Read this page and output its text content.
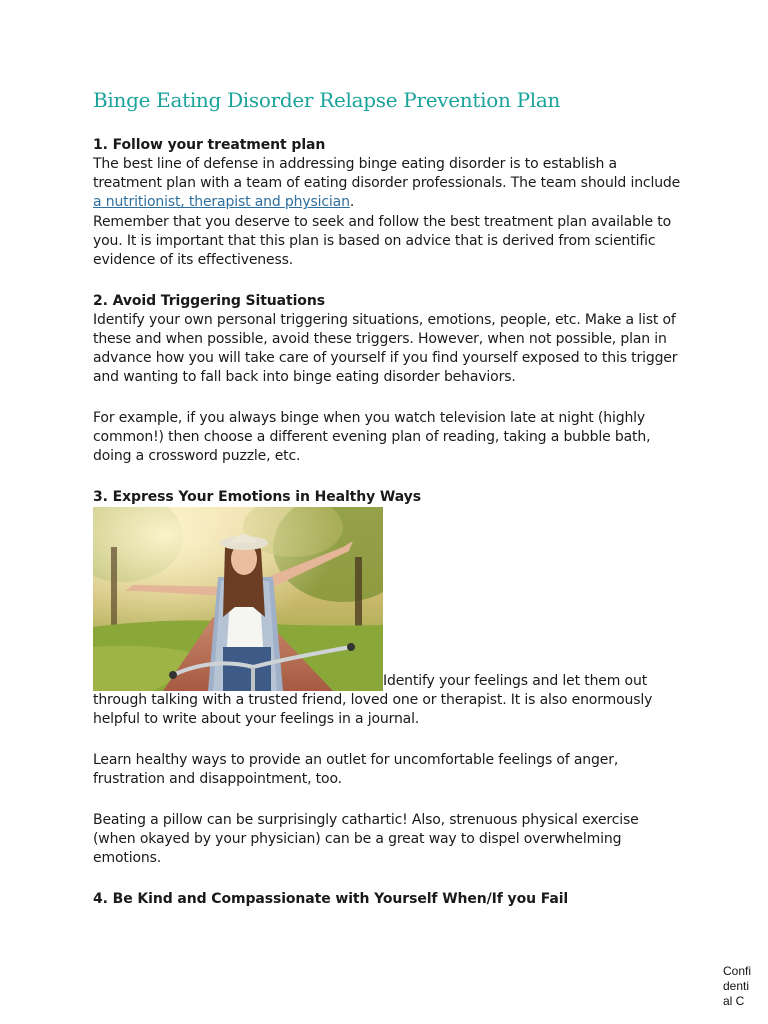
Binge Eating Disorder Relapse Prevention Plan

1. Follow your treatment plan

The best line of defense in addressing binge eating disorder is to establish a treatment plan with a team of eating disorder professionals. The team should include a nutritionist, therapist and physician.

Remember that you deserve to seek and follow the best treatment plan available to you. It is important that this plan is based on advice that is derived from scientific evidence of its effectiveness.

2. Avoid Triggering Situations

Identify your own personal triggering situations, emotions, people, etc. Make a list of these and when possible, avoid these triggers. However, when not possible, plan in advance how you will take care of yourself if you find yourself exposed to this trigger and wanting to fall back into binge eating disorder behaviors.

For example, if you always binge when you watch television late at night (highly common!) then choose a different evening plan of reading, taking a bubble bath, doing a crossword puzzle, etc.

3. Express Your Emotions in Healthy Ways

Identify your feelings and let them out through talking with a trusted friend, loved one or therapist. It is also enormously helpful to write about your feelings in a journal.

Learn healthy ways to provide an outlet for uncomfortable feelings of anger, frustration and disappointment, too.

Beating a pillow can be surprisingly cathartic! Also, strenuous physical exercise (when okayed by your physician) can be a great way to dispel overwhelming emotions.

4. Be Kind and Compassionate with Yourself When/If you Fail

Confidential C
